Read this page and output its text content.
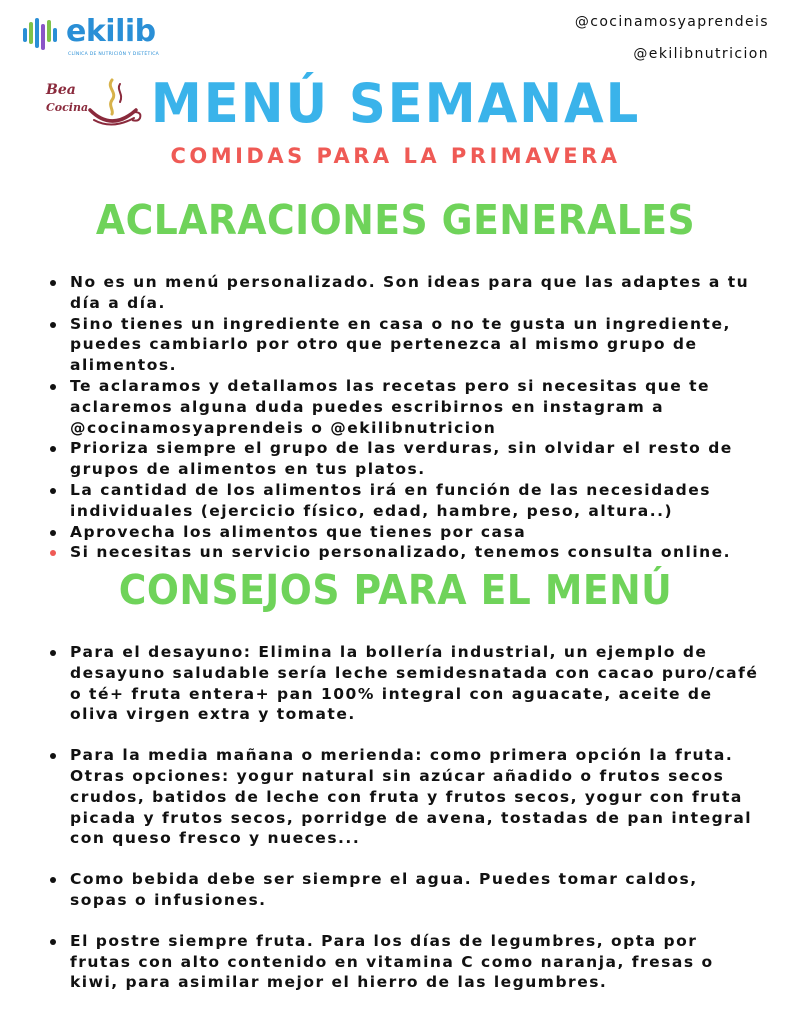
ekilib
CLÍNICA DE NUTRICIÓN Y DIETÉTICA
@cocinamosyaprendeis
@ekilibnutricion
Bea
Cocina	MENÚ SEMANAL
COMIDAS PARA LA PRIMAVERA
ACLARACIONES GENERALES
No es un menú personalizado. Son ideas para que las adaptes a tu día a día.
Sino tienes un ingrediente en casa o no te gusta un ingrediente, puedes cambiarlo por otro que pertenezca al mismo grupo de alimentos.
Te aclaramos y detallamos las recetas pero si necesitas que te aclaremos alguna duda puedes escribirnos en instagram a @cocinamosyaprendeis o @ekilibnutricion
Prioriza siempre el grupo de las verduras, sin olvidar el resto de grupos de alimentos en tus platos.
La cantidad de los alimentos irá en función de las necesidades individuales (ejercicio físico, edad, hambre, peso, altura..)
Aprovecha los alimentos que tienes por casa
Si necesitas un servicio personalizado, tenemos consulta online.
CONSEJOS PARA EL MENÚ
Para el desayuno: Elimina la bollería industrial, un ejemplo de desayuno saludable sería leche semidesnatada con cacao puro/café o té+ fruta entera+ pan 100% integral con aguacate, aceite de oliva virgen extra y tomate.
Para la media mañana o merienda: como primera opción la fruta. Otras opciones: yogur natural sin azúcar añadido o frutos secos crudos, batidos de leche con fruta y frutos secos, yogur con fruta picada y frutos secos, porridge de avena, tostadas de pan integral con queso fresco y nueces...
Como bebida debe ser siempre el agua. Puedes tomar caldos, sopas o infusiones.
El postre siempre fruta. Para los días de legumbres, opta por frutas con alto contenido en vitamina C como naranja, fresas o kiwi, para asimilar mejor el hierro de las legumbres.
